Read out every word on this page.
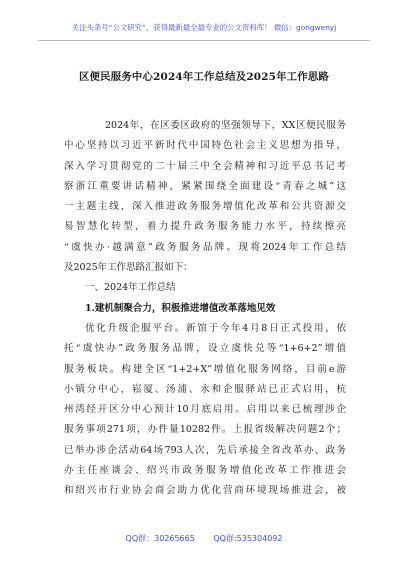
关注头条号“公文研究”，获得最新最全最专业的公文资料库！ 微信：gongwenyj
区便民服务中心2024年工作总结及2025年工作思路
2024年，在区委区政府的坚强领导下，XX区便民服务
中心坚持以习近平新时代中国特色社会主义思想为指导，
深入学习贯彻党的二十届三中全会精神和习近平总书记考
察浙江重要讲话精神，紧紧围绕全面建设“青春之城”这
一主题主线，深入推进政务服务增值化改革和公共资源交
易智慧化转型，着力提升政务服务能力水平，持续擦亮
“虞快办·越满意”政务服务品牌。现将2024年工作总结
及2025年工作思路汇报如下：
一、2024年工作总结
1.建机制聚合力，积极推进增值改革落地见效
优化升级企服平台。新馆于今年4月8日正式投用，依
托“虞快办”政务服务品牌，设立虞快兑等“1+6+2”增值
服务板块。构建全区“1+2+X”增值化服务网络，目前e游
小镇分中心，崧厦、汤浦、永和企服驿站已正式启用，杭
州湾经开区分中心预计10月底启用。启用以来已梳理涉企
服务事项271项，办件量10282件。上报省级解决问题2个；
已举办涉企活动64场793人次，先后承接全省改革办、政务
办主任座谈会、绍兴市政务服务增值化改革工作推进会
和绍兴市行业协会商会助力优化营商环境现场推进会，被
QQ群：30265665 QQ群:535304092
